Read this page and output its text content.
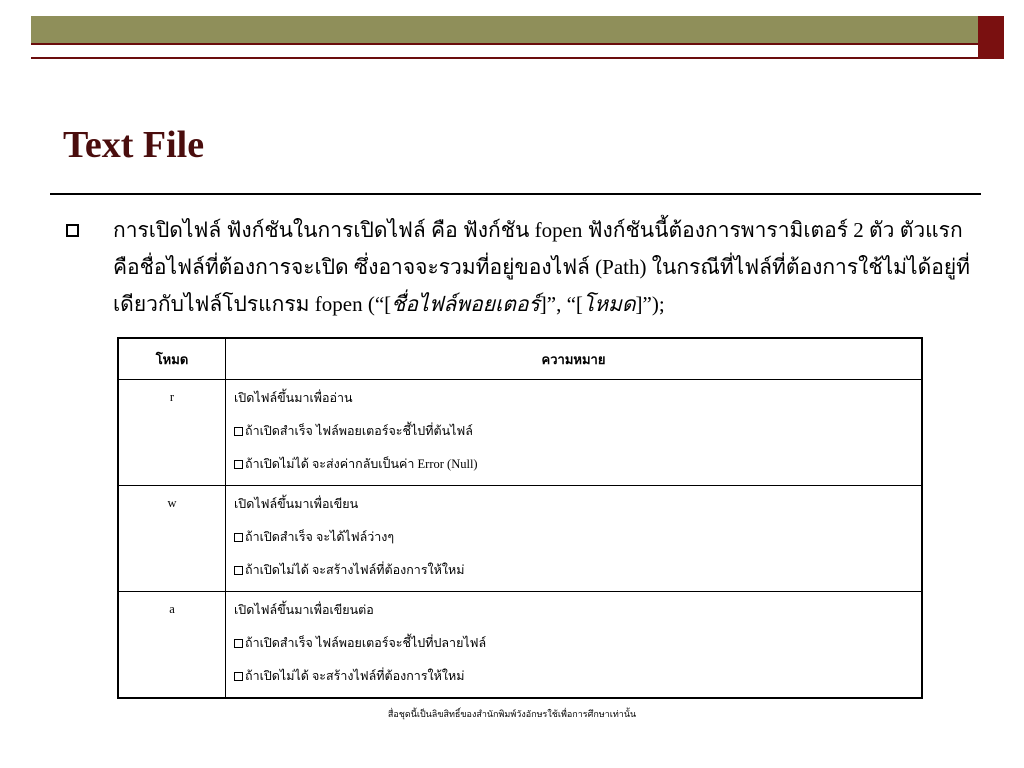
Text File
การเปิดไฟล์ ฟังก์ชันในการเปิดไฟล์ คือ ฟังก์ชัน fopen ฟังก์ชันนี้ต้องการพารามิเตอร์ 2 ตัว ตัวแรกคือชื่อไฟล์ที่ต้องการจะเปิด ซึ่งอาจจะรวมที่อยู่ของไฟล์ (Path) ในกรณีที่ไฟล์ที่ต้องการใช้ไม่ได้อยู่ที่เดียวกับไฟล์โปรแกรม fopen (“[ชื่อไฟล์พอยเตอร์]”, “[โหมด]”);
โหมด	ความหมาย
r	เปิดไฟล์ขึ้นมาเพื่ออ่าน
ถ้าเปิดสำเร็จ ไฟล์พอยเตอร์จะชี้ไปที่ต้นไฟล์
ถ้าเปิดไม่ได้ จะส่งค่ากลับเป็นค่า Error (Null)

w	เปิดไฟล์ขึ้นมาเพื่อเขียน
ถ้าเปิดสำเร็จ จะได้ไฟล์ว่างๆ
ถ้าเปิดไม่ได้ จะสร้างไฟล์ที่ต้องการให้ใหม่

a	เปิดไฟล์ขึ้นมาเพื่อเขียนต่อ
ถ้าเปิดสำเร็จ ไฟล์พอยเตอร์จะชี้ไปที่ปลายไฟล์
ถ้าเปิดไม่ได้ จะสร้างไฟล์ที่ต้องการให้ใหม่
สื่อชุดนี้เป็นลิขสิทธิ์ของสำนักพิมพ์วังอักษรใช้เพื่อการศึกษาเท่านั้น
